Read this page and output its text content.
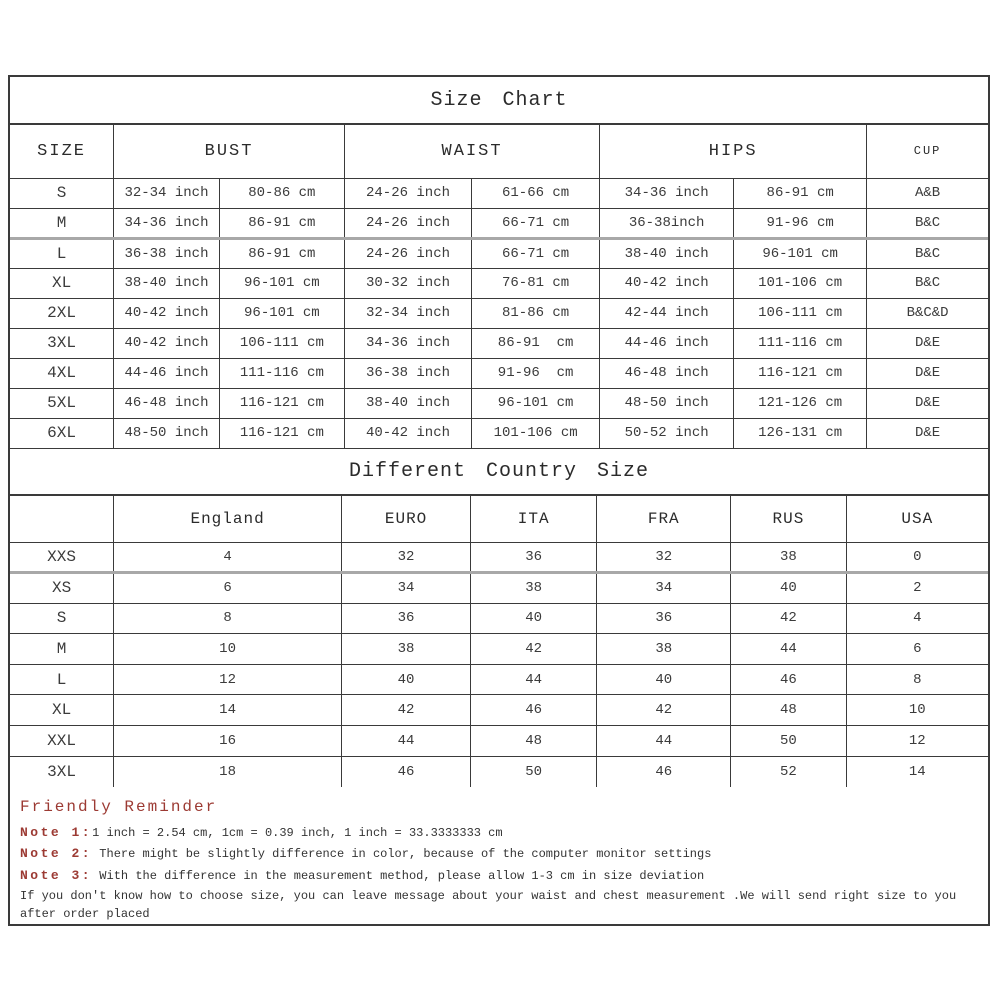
Size Chart
SIZE	BUST		WAIST		HIPS		CUP
S	32-34 inch	80-86 cm	24-26 inch	61-66 cm	34-36 inch	86-91 cm	A&B
M	34-36 inch	86-91 cm	24-26 inch	66-71 cm	36-38inch	91-96 cm	B&C
L	36-38 inch	86-91 cm	24-26 inch	66-71 cm	38-40 inch	96-101 cm	B&C
XL	38-40 inch	96-101 cm	30-32 inch	76-81 cm	40-42 inch	101-106 cm	B&C
2XL	40-42 inch	96-101 cm	32-34 inch	81-86 cm	42-44 inch	106-111 cm	B&C&D
3XL	40-42 inch	106-111 cm	34-36 inch	86-91  cm	44-46 inch	111-116 cm	D&E
4XL	44-46 inch	111-116 cm	36-38 inch	91-96  cm	46-48 inch	116-121 cm	D&E
5XL	46-48 inch	116-121 cm	38-40 inch	96-101 cm	48-50 inch	121-126 cm	D&E
6XL	48-50 inch	116-121 cm	40-42 inch	101-106 cm	50-52 inch	126-131 cm	D&E
Different Country Size
	England	EURO	ITA	FRA	RUS	USA
XXS	4	32	36	32	38	0
XS	6	34	38	34	40	2
S	8	36	40	36	42	4
M	10	38	42	38	44	6
L	12	40	44	40	46	8
XL	14	42	46	42	48	10
XXL	16	44	48	44	50	12
3XL	18	46	50	46	52	14
Friendly Reminder
Note 1:1 inch = 2.54 cm, 1cm = 0.39 inch, 1 inch = 33.3333333 cm
Note 2: There might be slightly difference in color, because of the computer monitor settings
Note 3: With the difference in the measurement method, please allow 1-3 cm in size deviation
If you don't know how to choose size, you can leave message about your waist and chest measurement .We will send right size to you after order placed
